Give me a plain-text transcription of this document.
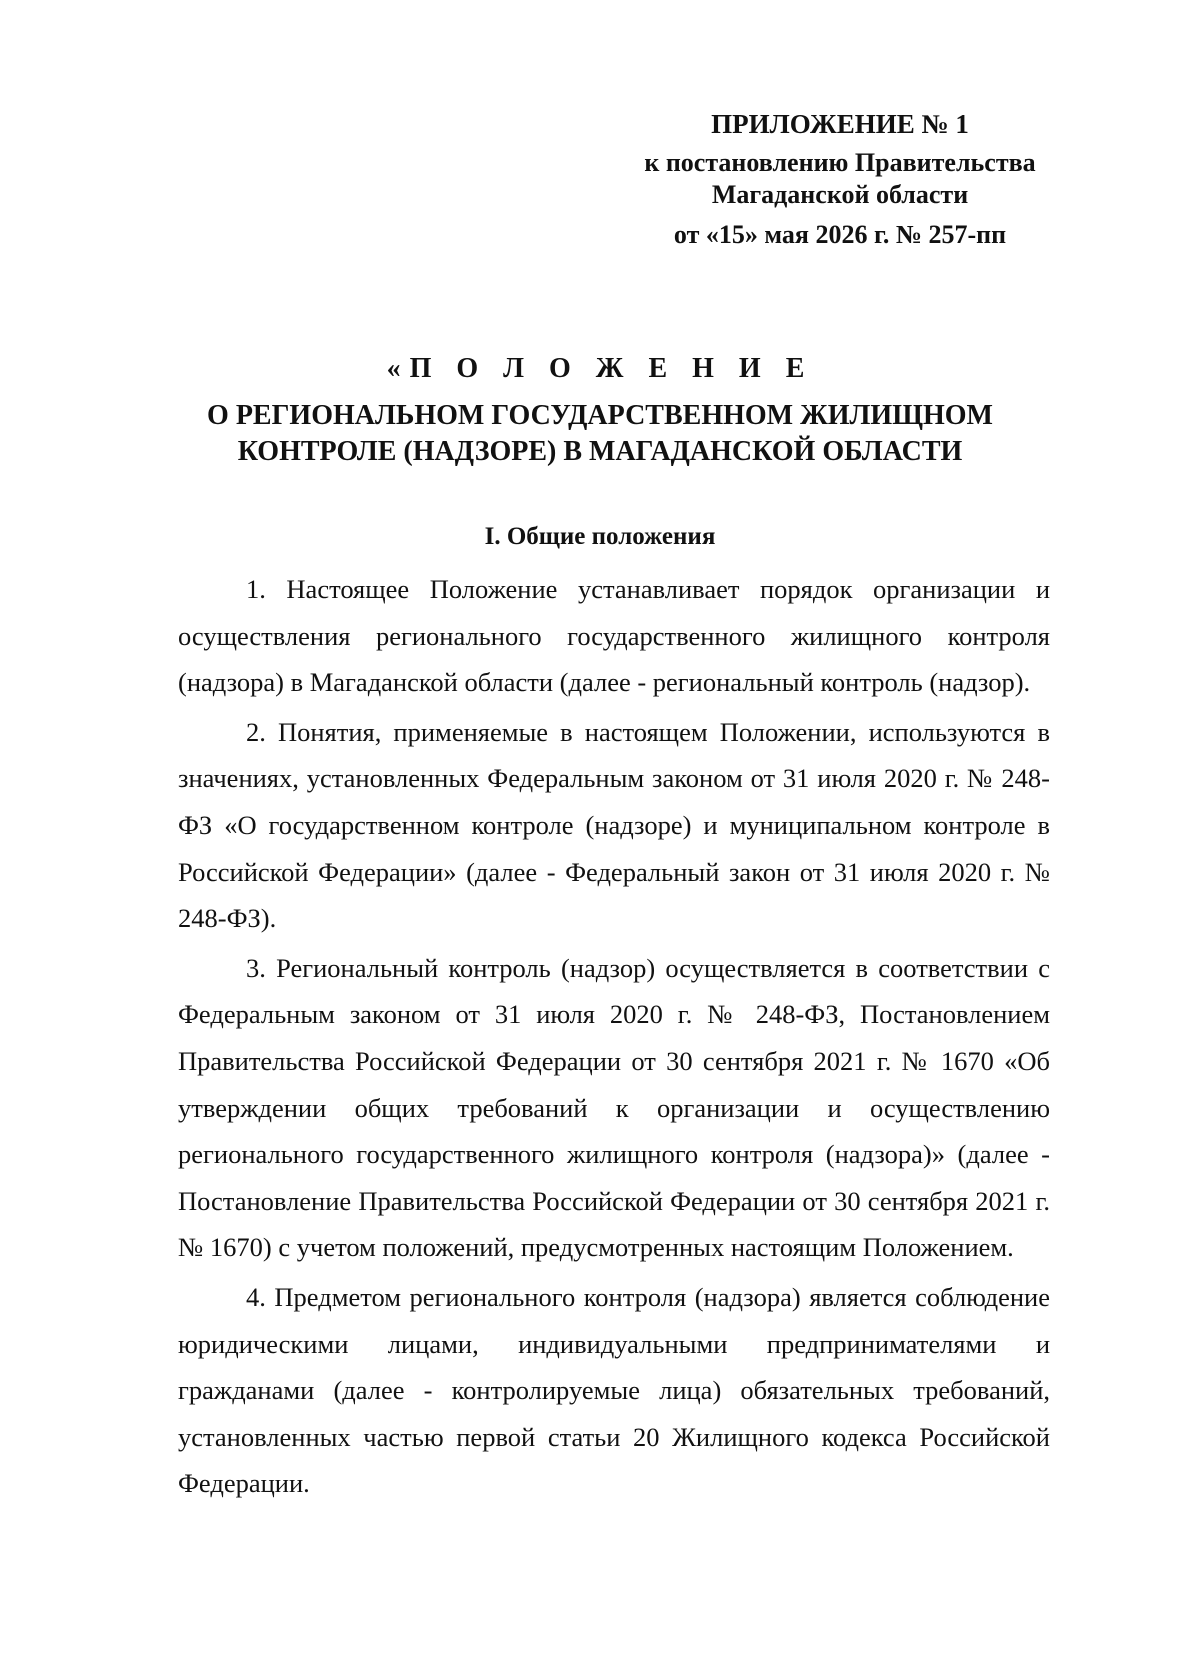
ПРИЛОЖЕНИЕ № 1
к постановлению Правительства
Магаданской области
от «15» мая 2026 г. № 257-пп
«П О Л О Ж Е Н И Е
О РЕГИОНАЛЬНОМ ГОСУДАРСТВЕННОМ ЖИЛИЩНОМ
КОНТРОЛЕ (НАДЗОРЕ) В МАГАДАНСКОЙ ОБЛАСТИ
I. Общие положения

1. Настоящее Положение устанавливает порядок организации и осуществления регионального государственного жилищного контроля (надзора) в Магаданской области (далее - региональный контроль (надзор).

2. Понятия, применяемые в настоящем Положении, используются в значениях, установленных Федеральным законом от 31 июля 2020 г. № 248-ФЗ «О государственном контроле (надзоре) и муниципальном контроле в Российской Федерации» (далее - Федеральный закон от 31 июля 2020 г. № 248-ФЗ).

3. Региональный контроль (надзор) осуществляется в соответствии с Федеральным законом от 31 июля 2020 г. № 248-ФЗ, Постановлением Правительства Российской Федерации от 30 сентября 2021 г. № 1670 «Об утверждении общих требований к организации и осуществлению регионального государственного жилищного контроля (надзора)» (далее - Постановление Правительства Российской Федерации от 30 сентября 2021 г. № 1670) с учетом положений, предусмотренных настоящим Положением.

4. Предметом регионального контроля (надзора) является соблюдение юридическими лицами, индивидуальными предпринимателями и гражданами (далее - контролируемые лица) обязательных требований, установленных частью первой статьи 20 Жилищного кодекса Российской Федерации.
